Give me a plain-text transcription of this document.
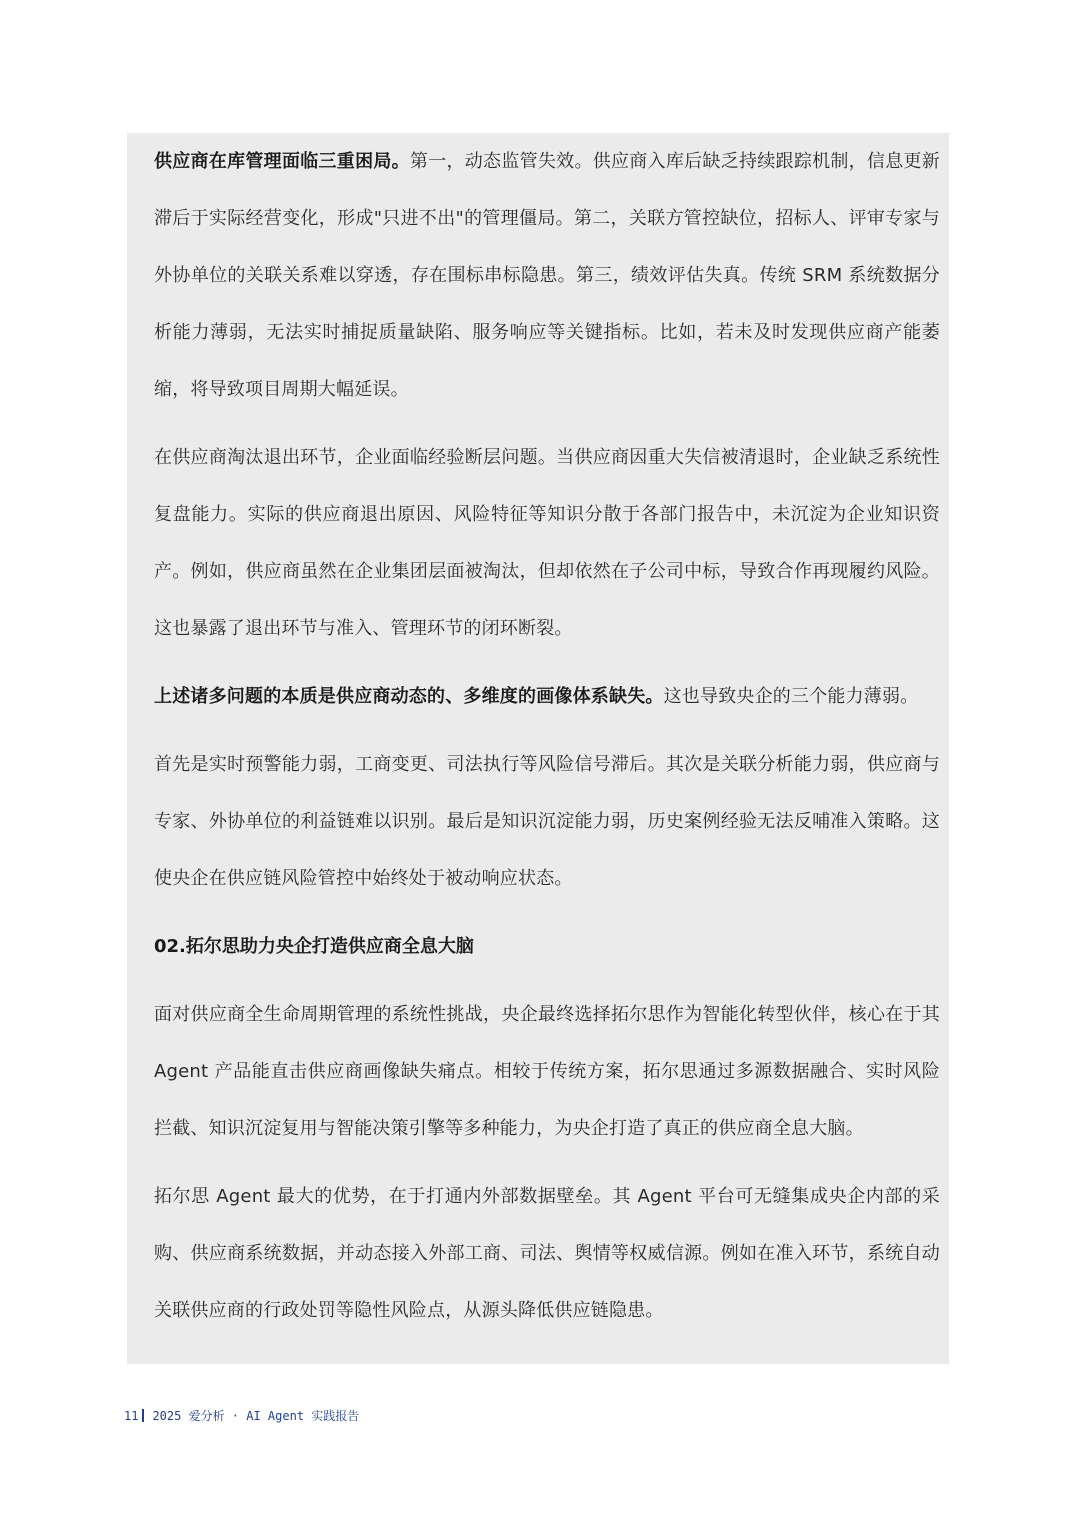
供应商在库管理面临三重困局。第一，动态监管失效。供应商入库后缺乏持续跟踪机制，信息更新滞后于实际经营变化，形成"只进不出"的管理僵局。第二，关联方管控缺位，招标人、评审专家与外协单位的关联关系难以穿透，存在围标串标隐患。第三，绩效评估失真。传统 SRM 系统数据分析能力薄弱，无法实时捕捉质量缺陷、服务响应等关键指标。比如，若未及时发现供应商产能萎缩，将导致项目周期大幅延误。

在供应商淘汰退出环节，企业面临经验断层问题。当供应商因重大失信被清退时，企业缺乏系统性复盘能力。实际的供应商退出原因、风险特征等知识分散于各部门报告中，未沉淀为企业知识资产。例如，供应商虽然在企业集团层面被淘汰，但却依然在子公司中标，导致合作再现履约风险。这也暴露了退出环节与准入、管理环节的闭环断裂。

上述诸多问题的本质是供应商动态的、多维度的画像体系缺失。这也导致央企的三个能力薄弱。

首先是实时预警能力弱，工商变更、司法执行等风险信号滞后。其次是关联分析能力弱，供应商与专家、外协单位的利益链难以识别。最后是知识沉淀能力弱，历史案例经验无法反哺准入策略。这使央企在供应链风险管控中始终处于被动响应状态。

02.拓尔思助力央企打造供应商全息大脑

面对供应商全生命周期管理的系统性挑战，央企最终选择拓尔思作为智能化转型伙伴，核心在于其 Agent 产品能直击供应商画像缺失痛点。相较于传统方案，拓尔思通过多源数据融合、实时风险拦截、知识沉淀复用与智能决策引擎等多种能力，为央企打造了真正的供应商全息大脑。

拓尔思 Agent 最大的优势，在于打通内外部数据壁垒。其 Agent 平台可无缝集成央企内部的采购、供应商系统数据，并动态接入外部工商、司法、舆情等权威信源。例如在准入环节，系统自动关联供应商的行政处罚等隐性风险点，从源头降低供应链隐患。

11 2025 爱分析 · AI Agent 实践报告
